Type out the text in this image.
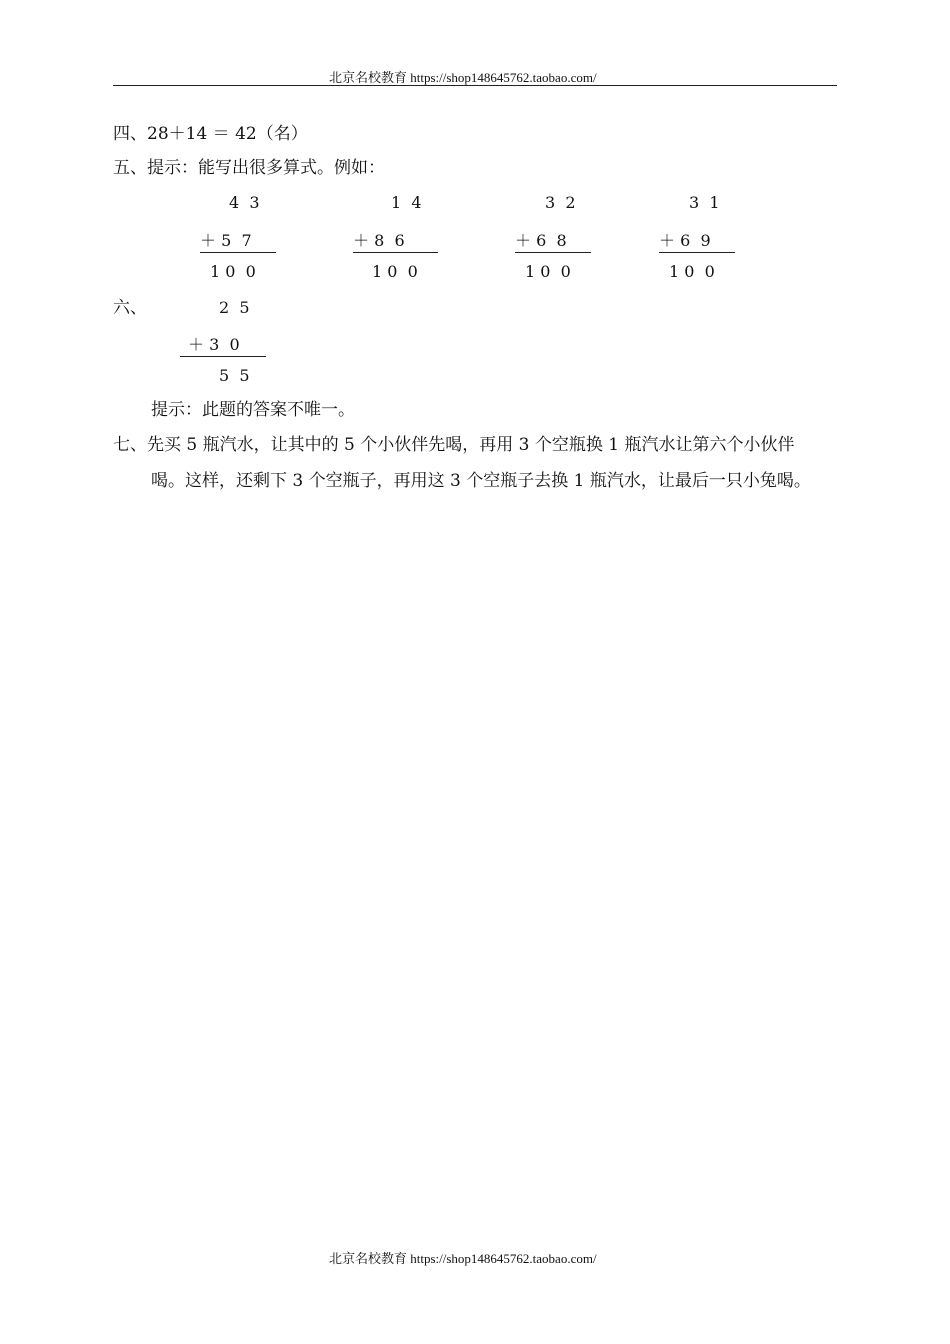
北京名校教育 https://shop148645762.taobao.com/
四、28＋14 ＝ 42（名）
五、提示：能写出很多算式。例如：
4  3
＋ 5  7
1 0  0
1  4
＋ 8  6
1 0  0
3  2
＋ 6  8
1 0  0
3  1
＋ 6  9
1 0  0
六、	2  5
＋ 3  0
5  5
提示：此题的答案不唯一。
七、先买 5 瓶汽水，让其中的 5 个小伙伴先喝，再用 3 个空瓶换 1 瓶汽水让第六个小伙伴
喝。这样，还剩下 3 个空瓶子，再用这 3 个空瓶子去换 1 瓶汽水，让最后一只小兔喝。
北京名校教育 https://shop148645762.taobao.com/
